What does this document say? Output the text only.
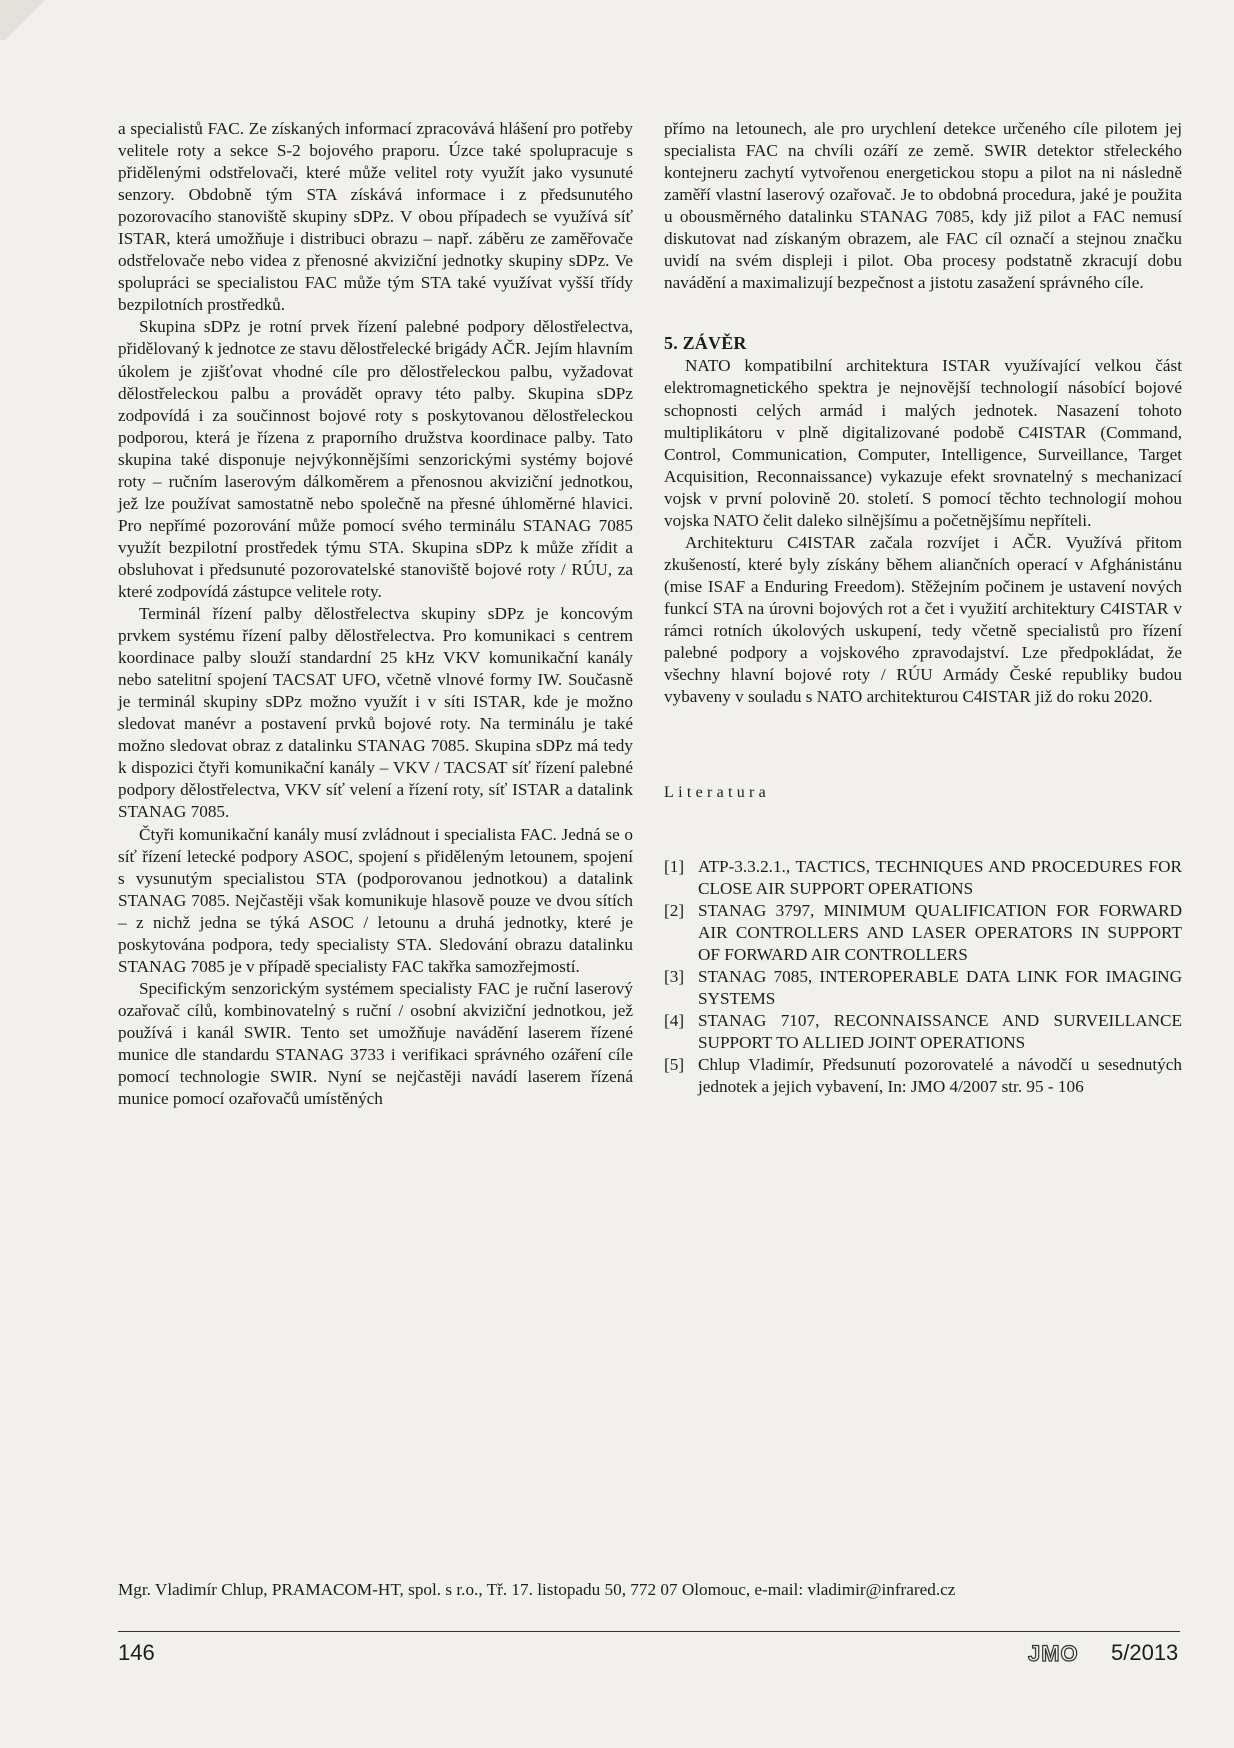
a specialistů FAC. Ze získaných informací zpracovává hlášení pro potřeby velitele roty a sekce S-2 bojového praporu. Úzce také spolupracuje s přidělenými odstřelovači, které může velitel roty využít jako vysunuté senzory. Obdobně tým STA získává informace i z předsunutého pozorovacího stanoviště skupiny sDPz. V obou případech se využívá síť ISTAR, která umožňuje i distribuci obrazu – např. záběru ze zaměřovače odstřelovače nebo videa z přenosné akviziční jednotky skupiny sDPz. Ve spolupráci se specialistou FAC může tým STA také využívat vyšší třídy bezpilotních prostředků.

Skupina sDPz je rotní prvek řízení palebné podpory dělostřelectva, přidělovaný k jednotce ze stavu dělostřelecké brigády AČR. Jejím hlavním úkolem je zjišťovat vhodné cíle pro dělostřeleckou palbu, vyžadovat dělostřeleckou palbu a provádět opravy této palby. Skupina sDPz zodpovídá i za součinnost bojové roty s poskytovanou dělostřeleckou podporou, která je řízena z praporního družstva koordinace palby. Tato skupina také disponuje nejvýkonnějšími senzorickými systémy bojové roty – ručním laserovým dálkoměrem a přenosnou akviziční jednotkou, jež lze používat samostatně nebo společně na přesné úhloměrné hlavici. Pro nepřímé pozorování může pomocí svého terminálu STANAG 7085 využít bezpilotní prostředek týmu STA. Skupina sDPz k může zřídit a obsluhovat i předsunuté pozorovatelské stanoviště bojové roty / RÚU, za které zodpovídá zástupce velitele roty.

Terminál řízení palby dělostřelectva skupiny sDPz je koncovým prvkem systému řízení palby dělostřelectva. Pro komunikaci s centrem koordinace palby slouží standardní 25 kHz VKV komunikační kanály nebo satelitní spojení TACSAT UFO, včetně vlnové formy IW. Současně je terminál skupiny sDPz možno využít i v síti ISTAR, kde je možno sledovat manévr a postavení prvků bojové roty. Na terminálu je také možno sledovat obraz z datalinku STANAG 7085. Skupina sDPz má tedy k dispozici čtyři komunikační kanály – VKV / TACSAT síť řízení palebné podpory dělostřelectva, VKV síť velení a řízení roty, síť ISTAR a datalink STANAG 7085.

Čtyři komunikační kanály musí zvládnout i specialista FAC. Jedná se o síť řízení letecké podpory ASOC, spojení s přiděleným letounem, spojení s vysunutým specialistou STA (podporovanou jednotkou) a datalink STANAG 7085. Nejčastěji však komunikuje hlasově pouze ve dvou sítích – z nichž jedna se týká ASOC / letounu a druhá jednotky, které je poskytována podpora, tedy specialisty STA. Sledování obrazu datalinku STANAG 7085 je v případě specialisty FAC takřka samozřejmostí.

Specifickým senzorickým systémem specialisty FAC je ruční laserový ozařovač cílů, kombinovatelný s ruční / osobní akviziční jednotkou, jež používá i kanál SWIR. Tento set umožňuje navádění laserem řízené munice dle standardu STANAG 3733 i verifikaci správného ozáření cíle pomocí technologie SWIR. Nyní se nejčastěji navádí laserem řízená munice pomocí ozařovačů umístěných

přímo na letounech, ale pro urychlení detekce určeného cíle pilotem jej specialista FAC na chvíli ozáří ze země. SWIR detektor střeleckého kontejneru zachytí vytvořenou energetickou stopu a pilot na ni následně zaměří vlastní laserový ozařovač. Je to obdobná procedura, jaké je použita u obousměrného datalinku STANAG 7085, kdy již pilot a FAC nemusí diskutovat nad získaným obrazem, ale FAC cíl označí a stejnou značku uvidí na svém displeji i pilot. Oba procesy podstatně zkracují dobu navádění a maximalizují bezpečnost a jistotu zasažení správného cíle.

5. ZÁVĚR

NATO kompatibilní architektura ISTAR využívající velkou část elektromagnetického spektra je nejnovější technologií násobící bojové schopnosti celých armád i malých jednotek. Nasazení tohoto multiplikátoru v plně digitalizované podobě C4ISTAR (Command, Control, Communication, Computer, Intelligence, Surveillance, Target Acquisition, Reconnaissance) vykazuje efekt srovnatelný s mechanizací vojsk v první polovině 20. století. S pomocí těchto technologií mohou vojska NATO čelit daleko silnějšímu a početnějšímu nepříteli.

Architekturu C4ISTAR začala rozvíjet i AČR. Využívá přitom zkušeností, které byly získány během aliančních operací v Afghánistánu (mise ISAF a Enduring Freedom). Stěžejním počinem je ustavení nových funkcí STA na úrovni bojových rot a čet i využití architektury C4ISTAR v rámci rotních úkolových uskupení, tedy včetně specialistů pro řízení palebné podpory a vojskového zpravodajství. Lze předpokládat, že všechny hlavní bojové roty / RÚU Armády České republiky budou vybaveny v souladu s NATO architekturou C4ISTAR již do roku 2020.

Literatura
[1] ATP-3.3.2.1., TACTICS, TECHNIQUES AND PROCEDURES FOR CLOSE AIR SUPPORT OPERATIONS
[2] STANAG 3797, MINIMUM QUALIFICATION FOR FORWARD AIR CONTROLLERS AND LASER OPERATORS IN SUPPORT OF FORWARD AIR CONTROLLERS
[3] STANAG 7085, INTEROPERABLE DATA LINK FOR IMAGING SYSTEMS
[4] STANAG 7107, RECONNAISSANCE AND SURVEILLANCE SUPPORT TO ALLIED JOINT OPERATIONS
[5] Chlup Vladimír, Předsunutí pozorovatelé a návodčí u sesednutých jednotek a jejich vybavení, In: JMO 4/2007 str. 95 - 106
Mgr. Vladimír Chlup, PRAMACOM-HT, spol. s r.o., Tř. 17. listopadu 50, 772 07 Olomouc, e-mail: vladimir@infrared.cz
146	JMO 5/2013
